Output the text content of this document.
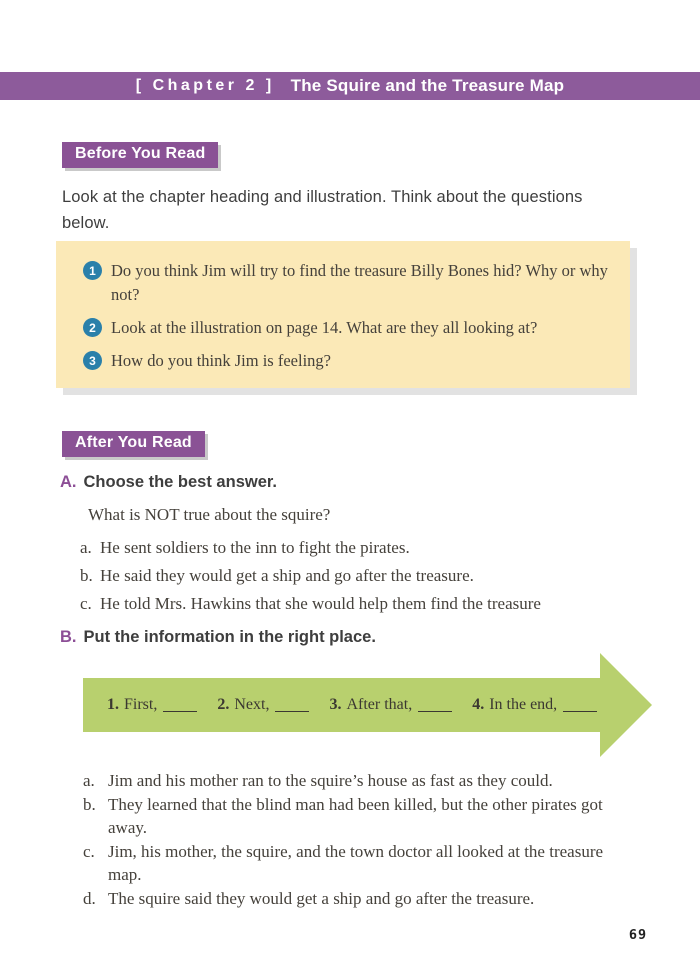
[ Chapter 2 ] The Squire and the Treasure Map
Before You Read

Look at the chapter heading and illustration. Think about the questions below.

1 Do you think Jim will try to find the treasure Billy Bones hid? Why or why not?
2 Look at the illustration on page 14. What are they all looking at?
3 How do you think Jim is feeling?
After You Read
A. Choose the best answer.
What is NOT true about the squire?
a. He sent soldiers to the inn to fight the pirates.
b. He said they would get a ship and go after the treasure.
c. He told Mrs. Hawkins that she would help them find the treasure
B. Put the information in the right place.
1. First,	2. Next,	3. After that,	4. In the end,
a. Jim and his mother ran to the squire’s house as fast as they could.
b. They learned that the blind man had been killed, but the other pirates got away.
c. Jim, his mother, the squire, and the town doctor all looked at the treasure map.
d. The squire said they would get a ship and go after the treasure.
69
